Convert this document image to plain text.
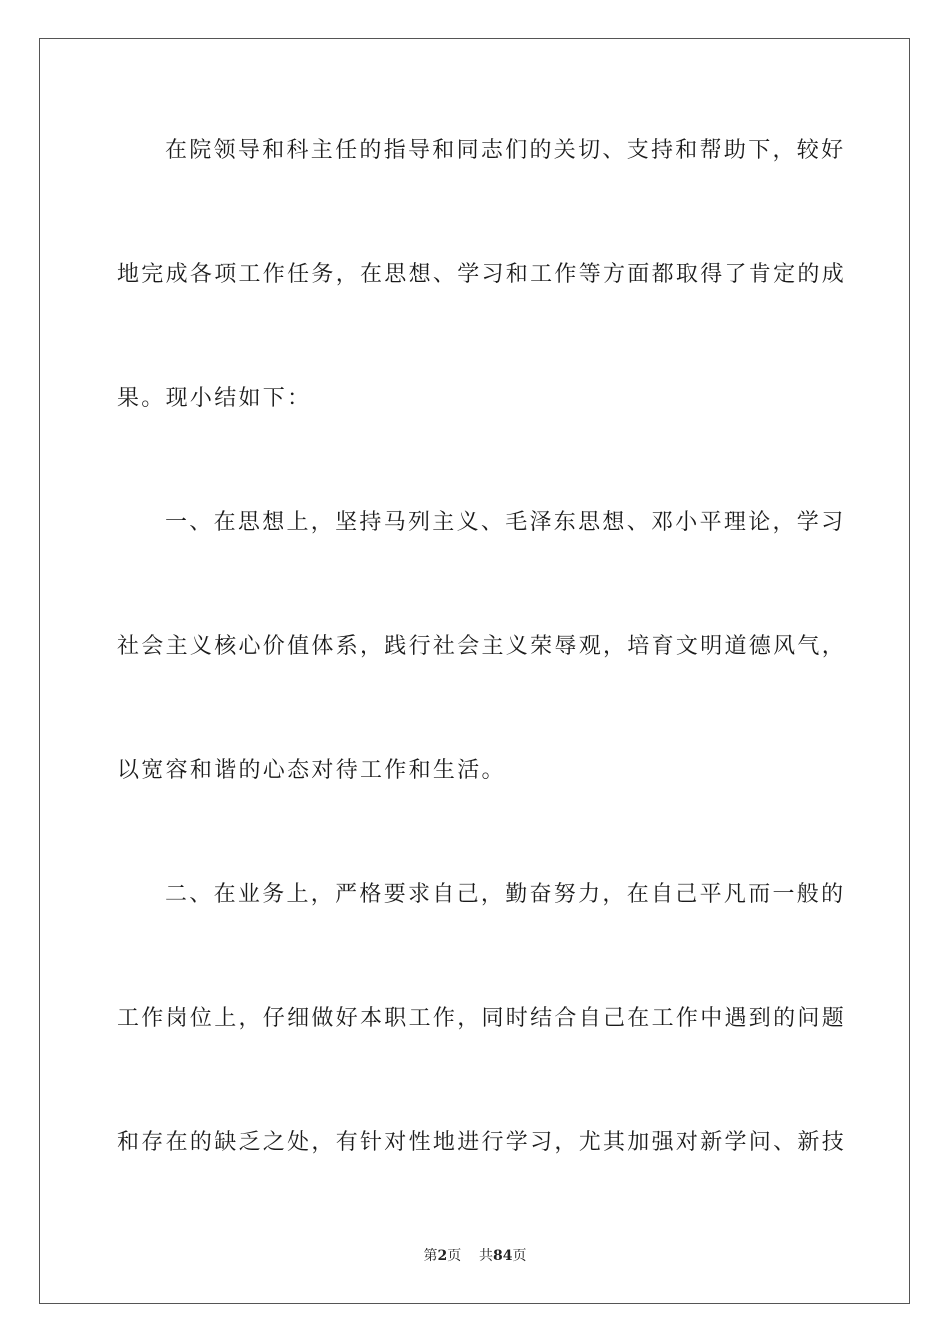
在院领导和科主任的指导和同志们的关切、支持和帮助下，较好
地完成各项工作任务，在思想、学习和工作等方面都取得了肯定的成
果。现小结如下：
一、在思想上，坚持马列主义、毛泽东思想、邓小平理论，学习
社会主义核心价值体系，践行社会主义荣辱观，培育文明道德风气，
以宽容和谐的心态对待工作和生活。
二、在业务上，严格要求自己，勤奋努力，在自己平凡而一般的
工作岗位上，仔细做好本职工作，同时结合自己在工作中遇到的问题
和存在的缺乏之处，有针对性地进行学习，尤其加强对新学问、新技
第2页 共84页
